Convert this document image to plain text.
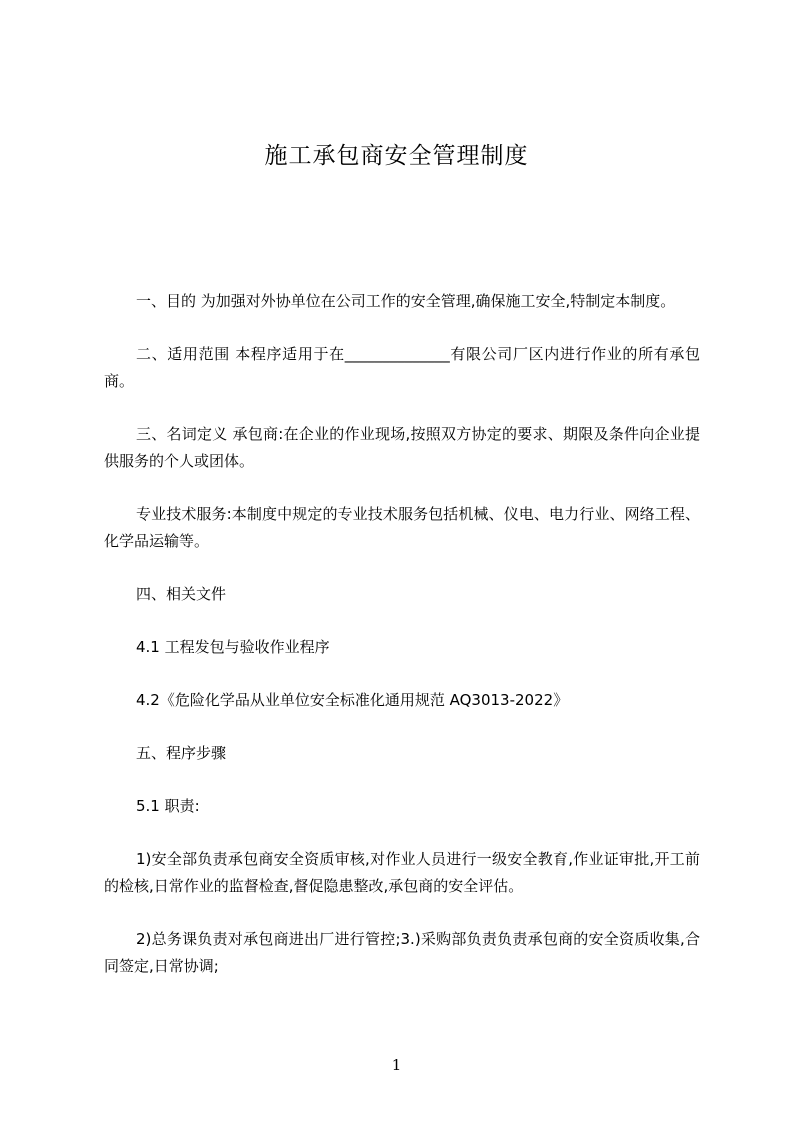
施工承包商安全管理制度

一、目的 为加强对外协单位在公司工作的安全管理,确保施工安全,特制定本制度。

二、适用范围 本程序适用于在______________有限公司厂区内进行作业的所有承包商。

三、名词定义 承包商:在企业的作业现场,按照双方协定的要求、期限及条件向企业提供服务的个人或团体。

专业技术服务:本制度中规定的专业技术服务包括机械、仪电、电力行业、网络工程、化学品运输等。

四、相关文件

4.1 工程发包与验收作业程序

4.2《危险化学品从业单位安全标准化通用规范 AQ3013-2022》

五、程序步骤

5.1 职责:

1)安全部负责承包商安全资质审核,对作业人员进行一级安全教育,作业证审批,开工前的检核,日常作业的监督检查,督促隐患整改,承包商的安全评估。

2)总务课负责对承包商进出厂进行管控;3.)采购部负责负责承包商的安全资质收集,合同签定,日常协调;

1
